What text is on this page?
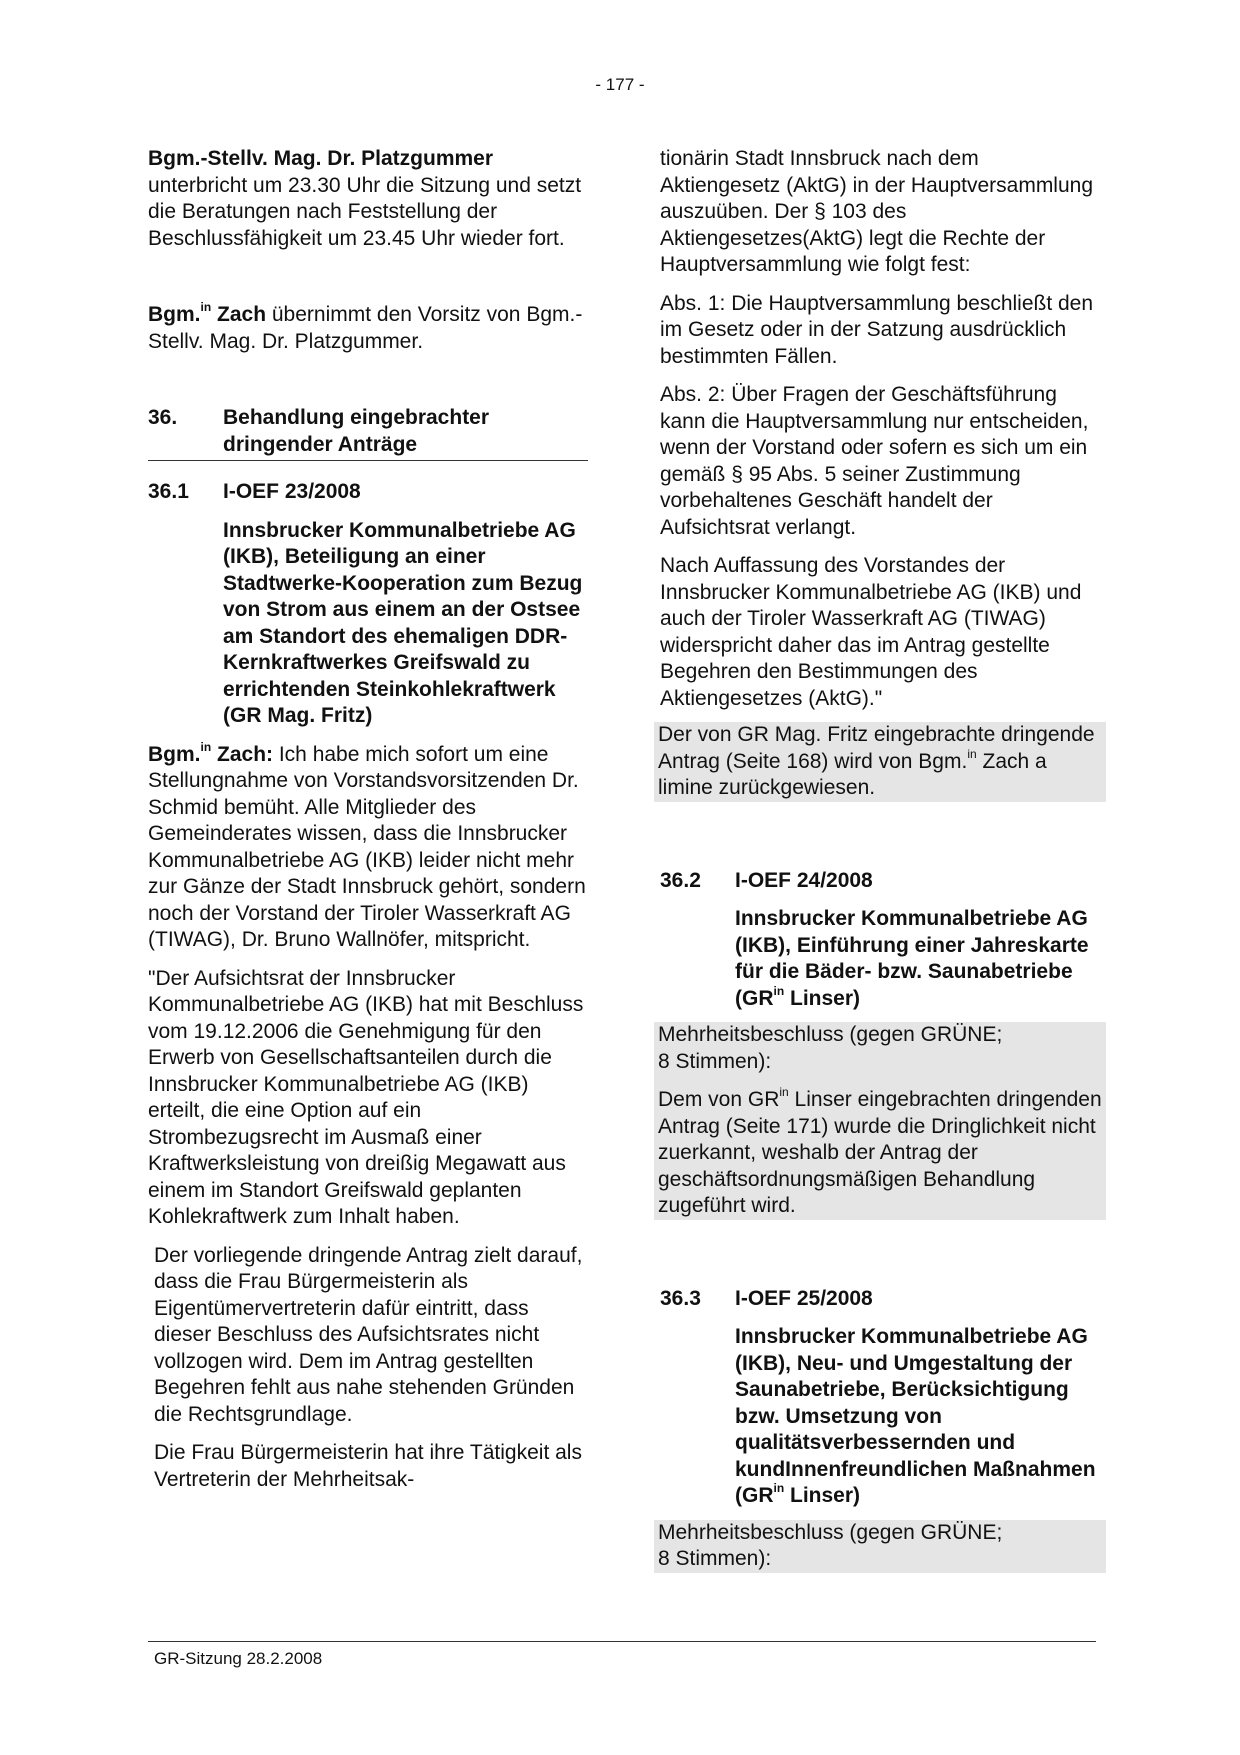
- 177 -

Bgm.-Stellv. Mag. Dr. Platzgummer unterbricht um 23.30 Uhr die Sitzung und setzt die Beratungen nach Feststellung der Beschlussfähigkeit um 23.45 Uhr wieder fort.

Bgm.$^{in}$ Zach übernimmt den Vorsitz von Bgm.-Stellv. Mag. Dr. Platzgummer.

36.	Behandlung eingebrachter dringender Anträge
36.1	I-OEF 23/2008

Innsbrucker Kommunalbetriebe AG (IKB), Beteiligung an einer Stadtwerke-Kooperation zum Bezug von Strom aus einem an der Ostsee am Standort des ehemaligen DDR-Kernkraftwerkes Greifswald zu errichtenden Steinkohlekraftwerk (GR Mag. Fritz)

Bgm.$^{in}$ Zach: Ich habe mich sofort um eine Stellungnahme von Vorstandsvorsitzenden Dr. Schmid bemüht. Alle Mitglieder des Gemeinderates wissen, dass die Innsbrucker Kommunalbetriebe AG (IKB) leider nicht mehr zur Gänze der Stadt Innsbruck gehört, sondern noch der Vorstand der Tiroler Wasserkraft AG (TIWAG), Dr. Bruno Wallnöfer, mitspricht.

"Der Aufsichtsrat der Innsbrucker Kommunalbetriebe AG (IKB) hat mit Beschluss vom 19.12.2006 die Genehmigung für den Erwerb von Gesellschaftsanteilen durch die Innsbrucker Kommunalbetriebe AG (IKB) erteilt, die eine Option auf ein Strombezugsrecht im Ausmaß einer Kraftwerksleistung von dreißig Megawatt aus einem im Standort Greifswald geplanten Kohlekraftwerk zum Inhalt haben.

Der vorliegende dringende Antrag zielt darauf, dass die Frau Bürgermeisterin als Eigentümervertreterin dafür eintritt, dass dieser Beschluss des Aufsichtsrates nicht vollzogen wird. Dem im Antrag gestellten Begehren fehlt aus nahe stehenden Gründen die Rechtsgrundlage.

Die Frau Bürgermeisterin hat ihre Tätigkeit als Vertreterin der Mehrheitsak-

tionärin Stadt Innsbruck nach dem Aktiengesetz (AktG) in der Hauptversammlung auszuüben. Der § 103 des Aktiengesetzes(AktG) legt die Rechte der Hauptversammlung wie folgt fest:

Abs. 1: Die Hauptversammlung beschließt den im Gesetz oder in der Satzung ausdrücklich bestimmten Fällen.

Abs. 2: Über Fragen der Geschäftsführung kann die Hauptversammlung nur entscheiden, wenn der Vorstand oder sofern es sich um ein gemäß § 95 Abs. 5 seiner Zustimmung vorbehaltenes Geschäft handelt der Aufsichtsrat verlangt.

Nach Auffassung des Vorstandes der Innsbrucker Kommunalbetriebe AG (IKB) und auch der Tiroler Wasserkraft AG (TIWAG) widerspricht daher das im Antrag gestellte Begehren den Bestimmungen des Aktiengesetzes (AktG)."

Der von GR Mag. Fritz eingebrachte dringende Antrag (Seite 168) wird von Bgm.$^{in}$ Zach a limine zurückgewiesen.

36.2	I-OEF 24/2008

Innsbrucker Kommunalbetriebe AG (IKB), Einführung einer Jahreskarte für die Bäder- bzw. Saunabetriebe ($GR^{in}$ Linser)

Mehrheitsbeschluss (gegen GRÜNE;

8 Stimmen):

Dem von $GR^{in}$ Linser eingebrachten dringenden Antrag (Seite 171) wurde die Dringlichkeit nicht zuerkannt, weshalb der Antrag der geschäftsordnungsmäßigen Behandlung zugeführt wird.

36.3	I-OEF 25/2008

Innsbrucker Kommunalbetriebe AG (IKB), Neu- und Umgestaltung der Saunabetriebe, Berücksichtigung bzw. Umsetzung von qualitätsverbessernden und kundInnenfreundlichen Maßnahmen ($GR^{in}$ Linser)

Mehrheitsbeschluss (gegen GRÜNE;

8 Stimmen):

GR-Sitzung 28.2.2008
